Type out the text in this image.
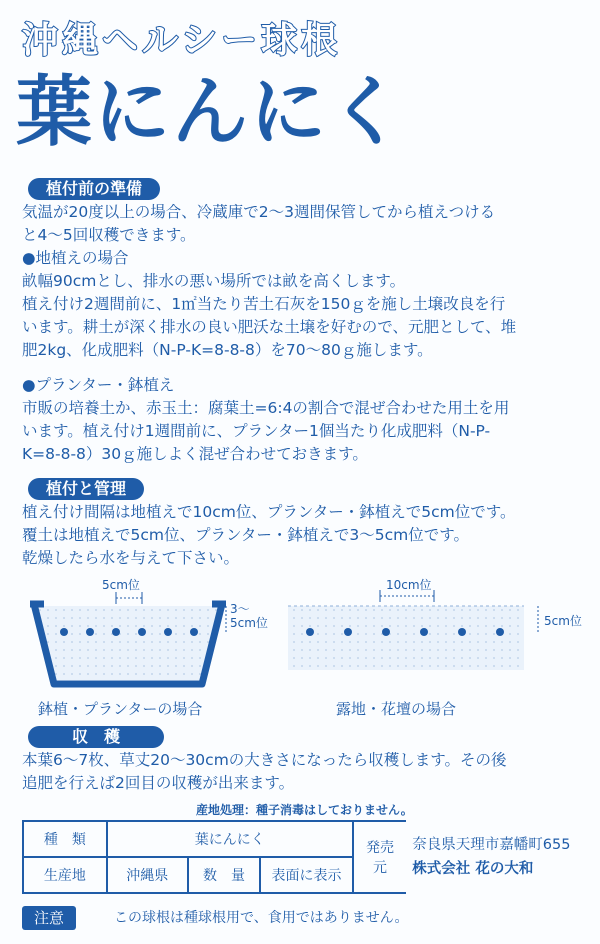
沖縄ヘルシー球根
葉にんにく
植付前の準備
気温が20度以上の場合、冷蔵庫で2～3週間保管してから植えつける
と4～5回収穫できます。
●地植えの場合
畝幅90cmとし、排水の悪い場所では畝を高くします。
植え付け2週間前に、1㎡当たり苦土石灰を150ｇを施し土壌改良を行
います。耕土が深く排水の良い肥沃な土壌を好むので、元肥として、堆
肥2kg、化成肥料（N-P-K=8-8-8）を70～80ｇ施します。
●プランター・鉢植え
市販の培養土か、赤玉土：腐葉土=6:4の割合で混ぜ合わせた用土を用
います。植え付け1週間前に、プランター1個当たり化成肥料（N-P-
K=8-8-8）30ｇ施しよく混ぜ合わせておきます。
植付と管理
植え付け間隔は地植えで10cm位、プランター・鉢植えで5cm位です。
覆土は地植えで5cm位、プランター・鉢植えで3～5cm位です。
乾燥したら水を与えて下さい。
5cm位
3～
5cm位
鉢植・プランターの場合
10cm位
5cm位
露地・花壇の場合
収　穫
本葉6～7枚、草丈20～30cmの大きさになったら収穫します。その後
追肥を行えば2回目の収穫が出来ます。
産地処理：種子消毒はしておりません。
種　類	葉にんにく			発売元	奈良県天理市嘉幡町655
株式会社 花の大和

生産地	沖縄県	数　量	表面に表示		
注意	この球根は種球根用で、食用ではありません。
